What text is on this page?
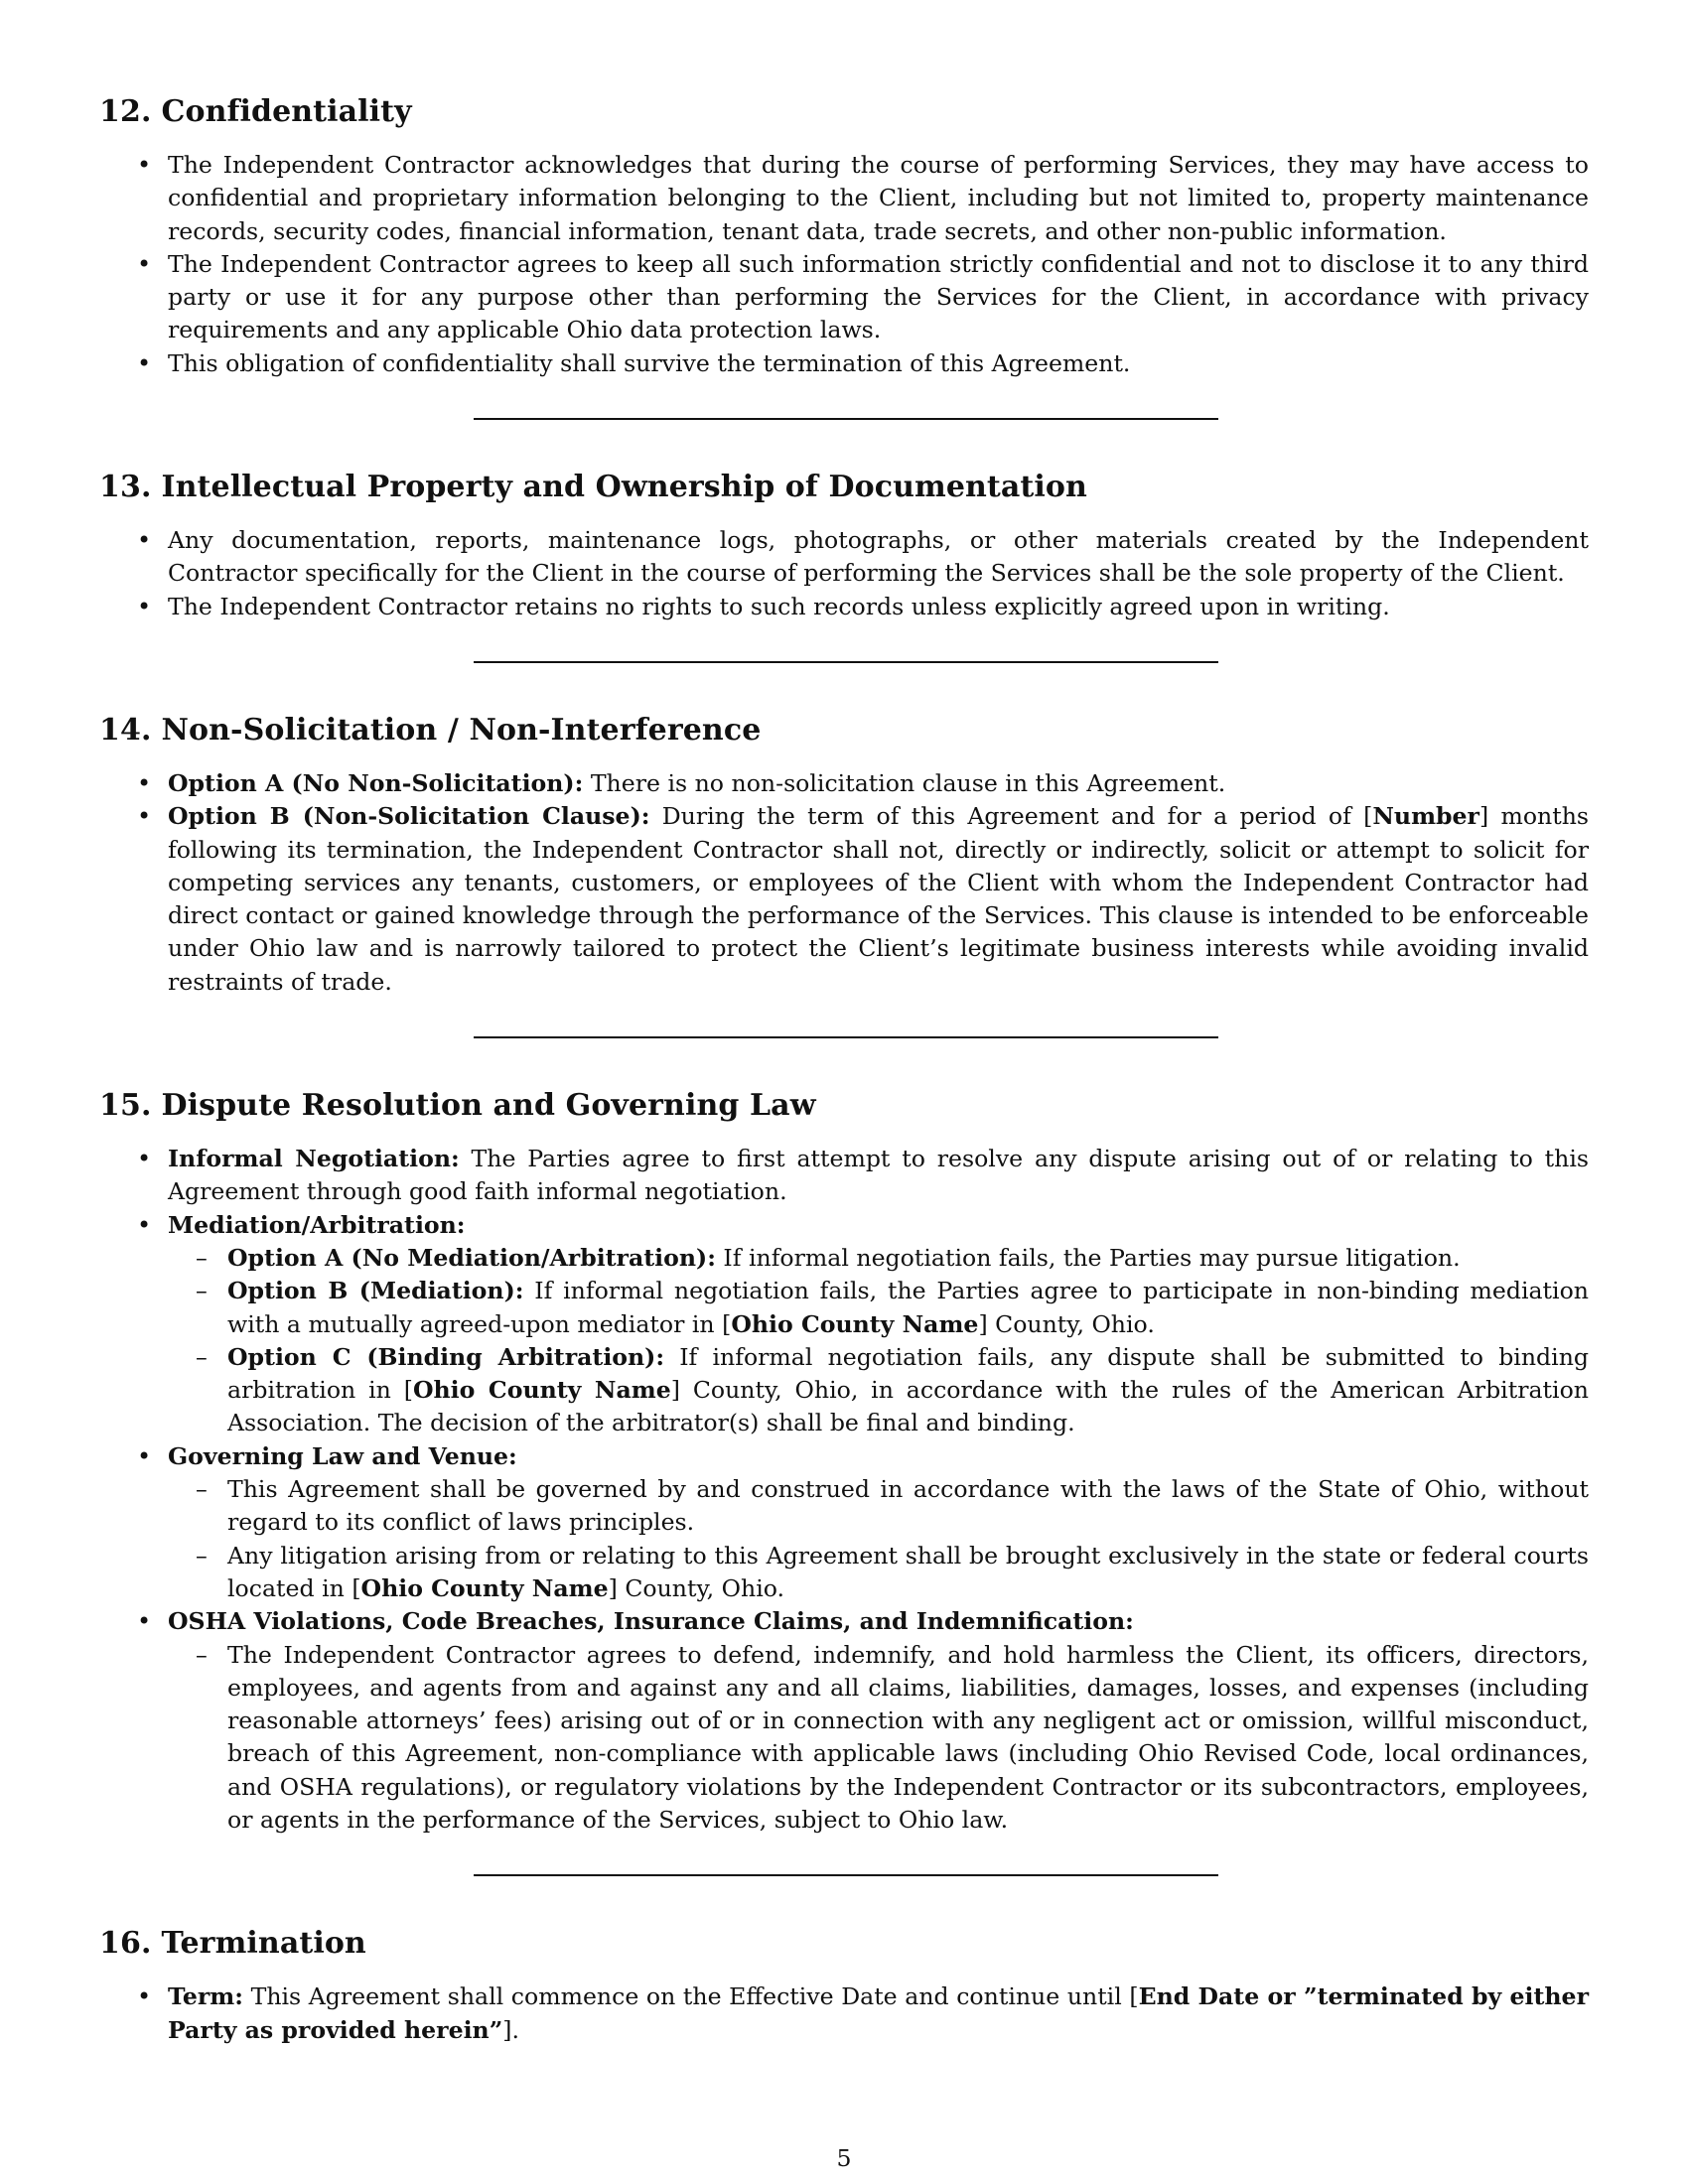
12. Confidentiality
• The Independent Contractor acknowledges that during the course of performing Services, they may have access to confidential and proprietary information belonging to the Client, including but not limited to, property maintenance records, security codes, financial information, tenant data, trade secrets, and other non-public information.
• The Independent Contractor agrees to keep all such information strictly confidential and not to disclose it to any third party or use it for any purpose other than performing the Services for the Client, in accordance with privacy requirements and any applicable Ohio data protection laws.
• This obligation of confidentiality shall survive the termination of this Agreement.
13. Intellectual Property and Ownership of Documentation
• Any documentation, reports, maintenance logs, photographs, or other materials created by the Independent Contractor specifically for the Client in the course of performing the Services shall be the sole property of the Client.
• The Independent Contractor retains no rights to such records unless explicitly agreed upon in writing.
14. Non-Solicitation / Non-Interference
• Option A (No Non-Solicitation): There is no non-solicitation clause in this Agreement.
• Option B (Non-Solicitation Clause): During the term of this Agreement and for a period of [Number] months following its termination, the Independent Contractor shall not, directly or indirectly, solicit or attempt to solicit for competing services any tenants, customers, or employees of the Client with whom the Independent Contractor had direct contact or gained knowledge through the performance of the Services. This clause is intended to be enforceable under Ohio law and is narrowly tailored to protect the Client’s legitimate business interests while avoiding invalid restraints of trade.
15. Dispute Resolution and Governing Law
• Informal Negotiation: The Parties agree to first attempt to resolve any dispute arising out of or relating to this Agreement through good faith informal negotiation.
• Mediation/Arbitration:
– Option A (No Mediation/Arbitration): If informal negotiation fails, the Parties may pursue litigation.
– Option B (Mediation): If informal negotiation fails, the Parties agree to participate in non-binding mediation with a mutually agreed-upon mediator in [Ohio County Name] County, Ohio.
– Option C (Binding Arbitration): If informal negotiation fails, any dispute shall be submitted to binding arbitration in [Ohio County Name] County, Ohio, in accordance with the rules of the American Arbitration Association. The decision of the arbitrator(s) shall be final and binding.
• Governing Law and Venue:
– This Agreement shall be governed by and construed in accordance with the laws of the State of Ohio, without regard to its conflict of laws principles.
– Any litigation arising from or relating to this Agreement shall be brought exclusively in the state or federal courts located in [Ohio County Name] County, Ohio.
• OSHA Violations, Code Breaches, Insurance Claims, and Indemnification:
– The Independent Contractor agrees to defend, indemnify, and hold harmless the Client, its officers, directors, employees, and agents from and against any and all claims, liabilities, damages, losses, and expenses (including reasonable attorneys’ fees) arising out of or in connection with any negligent act or omission, willful misconduct, breach of this Agreement, non-compliance with applicable laws (including Ohio Revised Code, local ordinances, and OSHA regulations), or regulatory violations by the Independent Contractor or its subcontractors, employees, or agents in the performance of the Services, subject to Ohio law.
16. Termination
• Term: This Agreement shall commence on the Effective Date and continue until [End Date or ”terminated by either Party as provided herein”].
5
